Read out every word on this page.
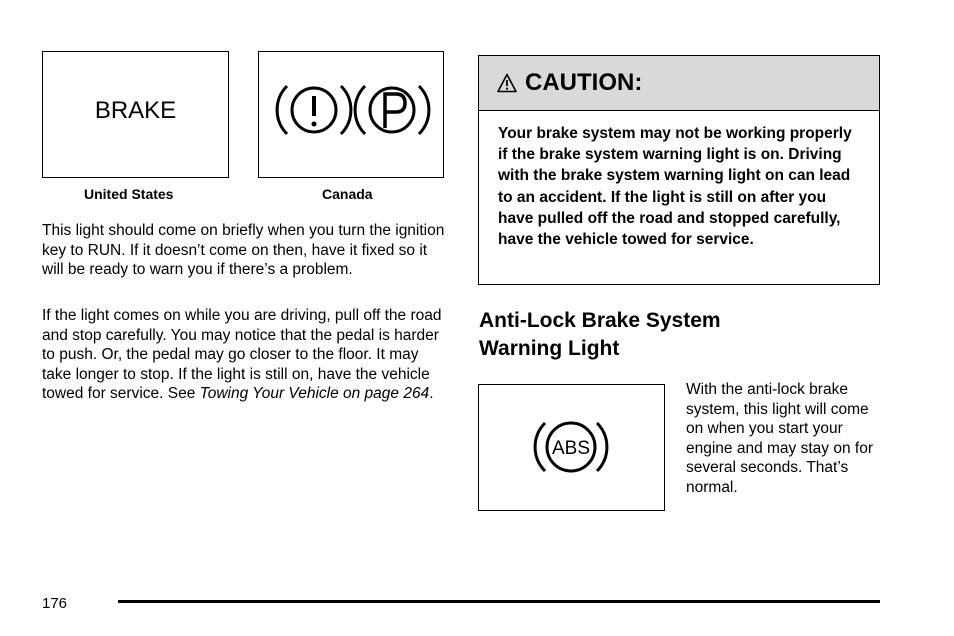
BRAKE
United States	Canada

This light should come on briefly when you turn the ignition key to RUN. If it doesn’t come on then, have it fixed so it will be ready to warn you if there’s a problem.

If the light comes on while you are driving, pull off the road and stop carefully. You may notice that the pedal is harder to push. Or, the pedal may go closer to the floor. It may take longer to stop. If the light is still on, have the vehicle towed for service. See Towing Your Vehicle on page 264.

CAUTION:
Your brake system may not be working properly if the brake system warning light is on. Driving with the brake system warning light on can lead to an accident. If the light is still on after you have pulled off the road and stopped carefully, have the vehicle towed for service.
Anti-Lock Brake System
Warning Light
ABS

With the anti-lock brake system, this light will come on when you start your engine and may stay on for several seconds. That’s normal.

176
